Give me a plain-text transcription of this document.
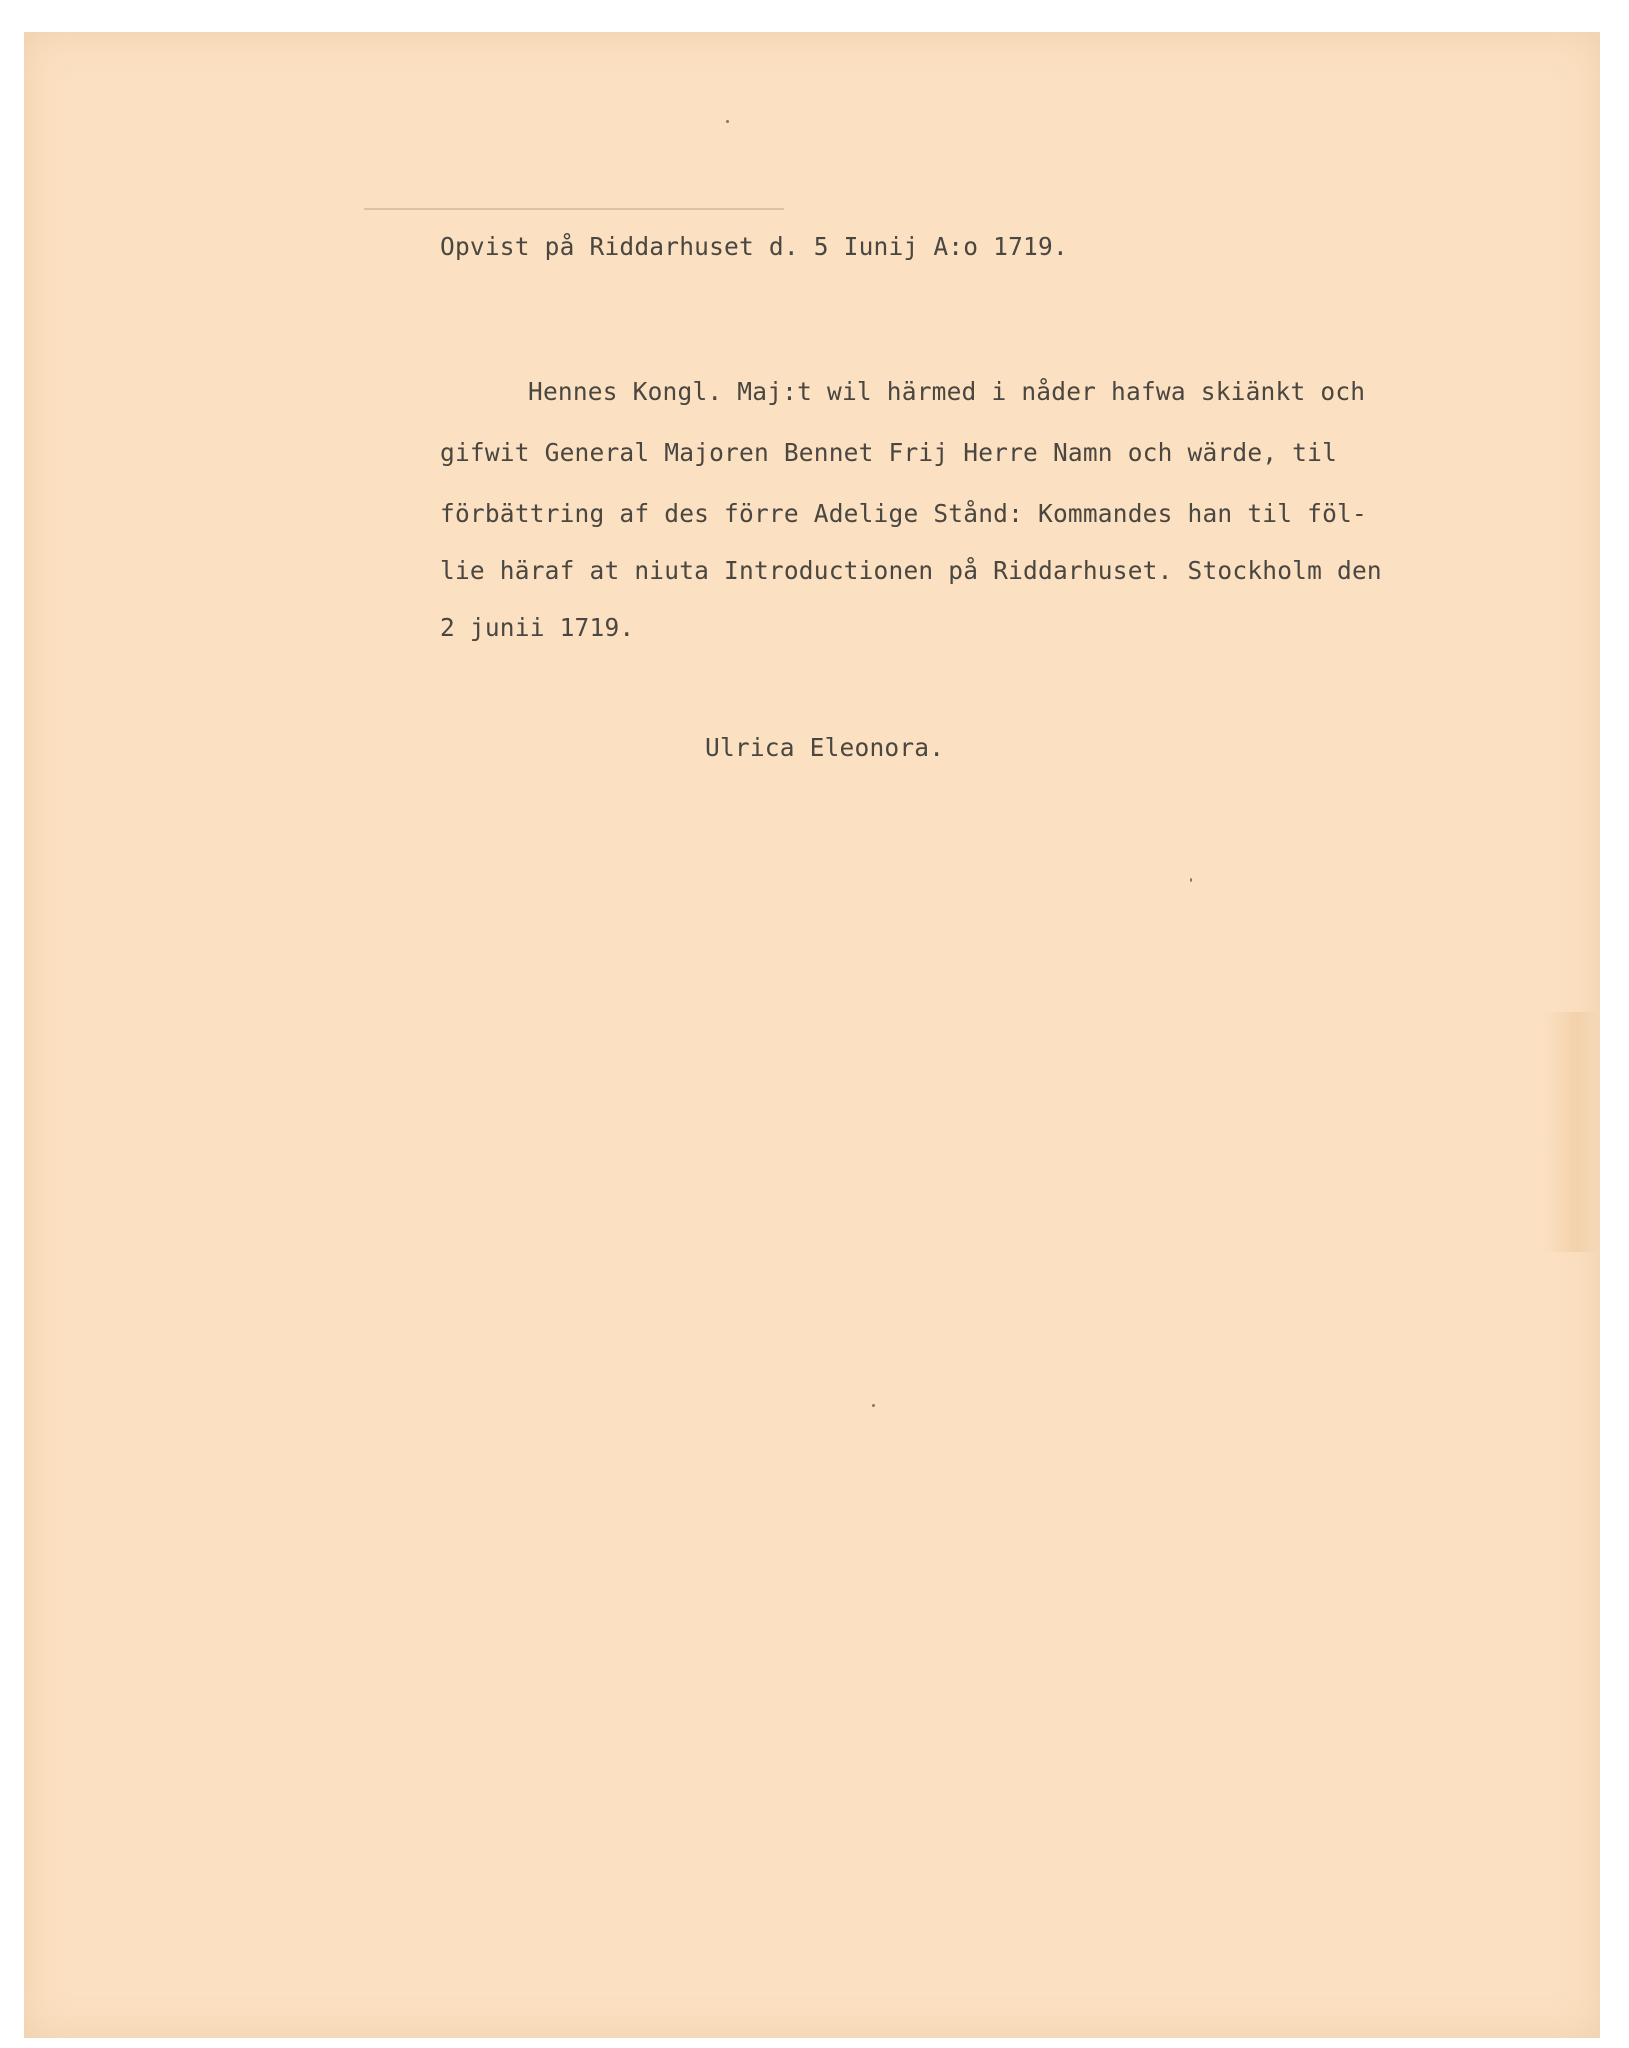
Opvist på Riddarhuset d. 5 Iunij A:o 1719.
Hennes Kongl. Maj:t wil härmed i nåder hafwa skiänkt och
gifwit General Majoren Bennet Frij Herre Namn och wärde, til
förbättring af des förre Adelige Stånd: Kommandes han til föl-
lie häraf at niuta Introductionen på Riddarhuset. Stockholm den
2 junii 1719.
Ulrica Eleonora.
